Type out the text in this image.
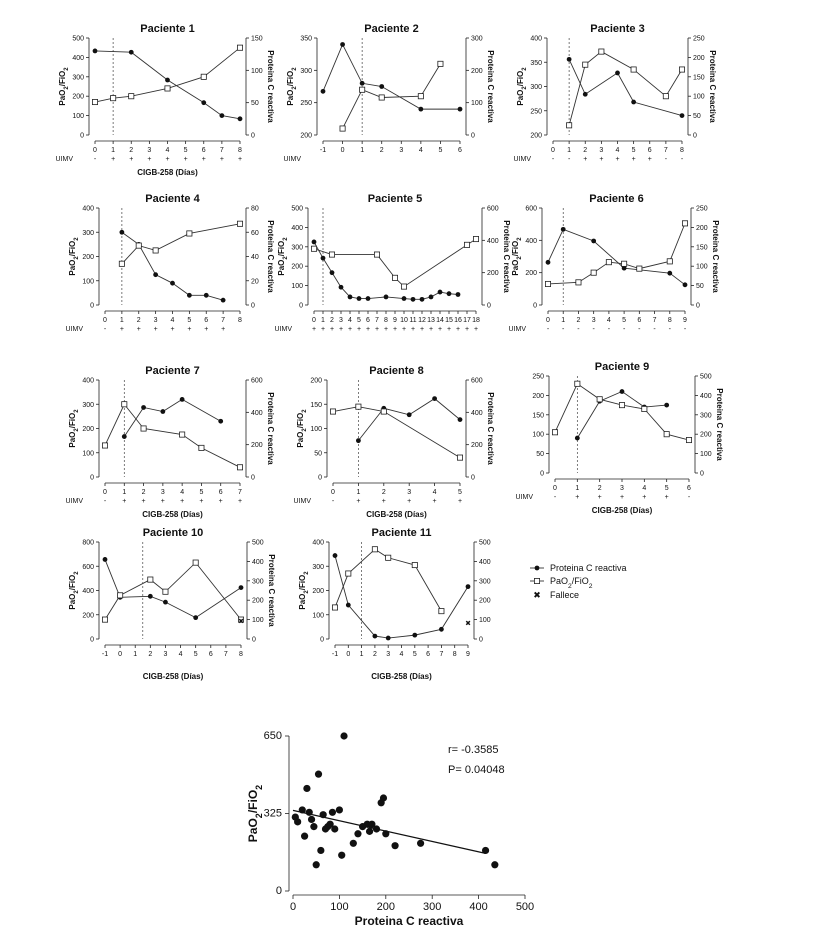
Paciente 1
0
100
200
300
400
500
0
50
100
150
0
-
1
+
2
+
3
+
4
+
5
+
6
+
7
+
8
+
UIMV
PaO$_2$/FiO$_2$	Proteina C reactiva
CIGB-258 (Días)
Paciente 2
200
250
300
350
0
100
200
300
-1 0 1 2 3 4 5 6
UIMV
PaO$_2$/FiO$_2$	Proteina C reactiva
Paciente 3
200
250
300
350
400
0
50
100
150
200
250
0
-
1
-
2
+
3
+
4
+
5
+
6
+
7
-
8
-
UIMV
PaO$_2$/FiO$_2$	Proteina C reactiva
Paciente 4
0
100
200
300
400
0
20
40
60
80
0
-
1
+
2
+
3
+
4
+
5
+
6
+
7
+
8
UIMV
PaO$_2$/FiO$_2$	Proteina C reactiva
Paciente 5
0
100
200
300
400
500
0
200
400
600
0
+
1
+
2
+
3
+
4
+
5
+
6
+
7
+
8
+
9
+
10
+
11
+
12
+
13
+
14
+
15
+
16
+
17
+
18
+
UIMV
PaO$_2$/FiO$_2$	Proteina C reactiva
Paciente 6
0
200
400
600
0
50
100
150
200
250
0
-
1
-
2
-
3
-
4
-
5
-
6
-
7
-
8
-
9
-
UIMV
PaO$_2$/FiO$_2$	Proteina C reactiva
Paciente 7
0
100
200
300
400
0
200
400
600
0
-
1
+
2
+
3
+
4
+
5
+
6
+
7
+
UIMV
PaO$_2$/FiO$_2$	Proteina C reactiva
CIGB-258 (Días)
Paciente 8
0
50
100
150
200
0
200
400
600
0
-
1
+
2
+
3
+
4
+
5
+
UIMV
PaO$_2$/FiO$_2$	Proteina C reactiva
CIGB-258 (Días)
Paciente 9
0
50
100
150
200
250
0
100
200
300
400
500
0
-
1
+
2
+
3
+
4
+
5
+
6
-
UIMV
Proteina C reactiva
CIGB-258 (Días)
Paciente 10
0
200
400
600
800
0
100
200
300
400
500
-1 0 1 2 3 4 5 6 7 8
PaO$_2$/FiO$_2$	Proteina C reactiva
CIGB-258 (Días)
✖
Paciente 11
0
100
200
300
400
0
100
200
300
400
500
-1 0 1 2 3 4 5 6 7 8 9
PaO$_2$/FiO$_2$
CIGB-258 (Días)
✖
Proteina C reactiva
PaO$_2$/FiO$_2$
✖ Fallece
0
325
650
0	100	200	300	400	500
PaO$_2$/FiO$_2$
Proteina C reactiva
r= -0.3585
P= 0.04048
